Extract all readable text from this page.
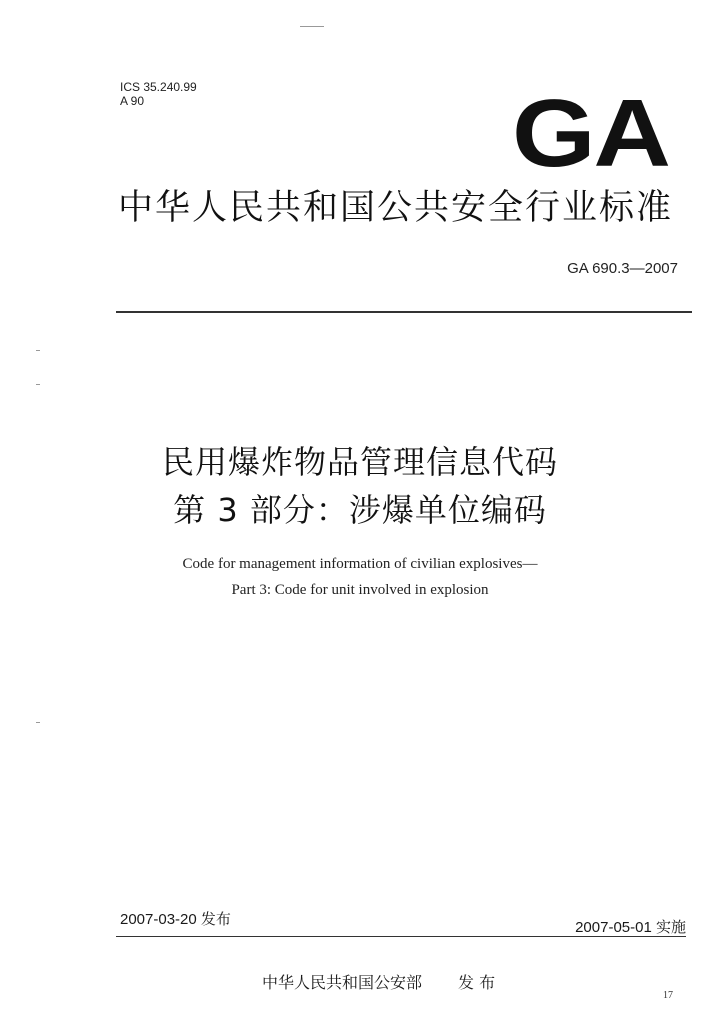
ICS 35.240.99
A 90	GA
中华人民共和国公共安全行业标准
GA 690.3—2007
民用爆炸物品管理信息代码
第 3 部分：涉爆单位编码
Code for management information of civilian explosives—
Part 3: Code for unit involved in explosion
2007-03-20 发布	2007-05-01 实施
中华人民共和国公安部 发 布
17
